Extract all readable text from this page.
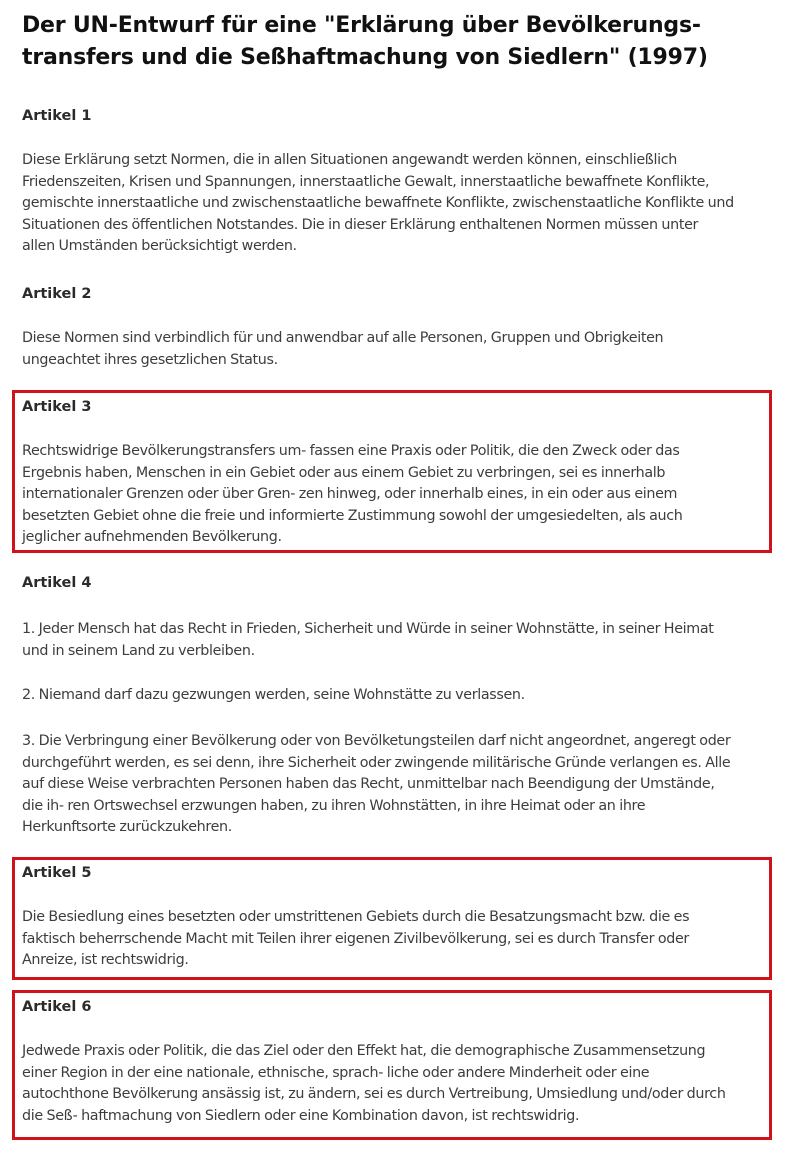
Der UN-Entwurf für eine "Erklärung über Bevölkerungs-
transfers und die Seßhaftmachung von Siedlern" (1997)
Artikel 1

Diese Erklärung setzt Normen, die in allen Situationen angewandt werden können, einschließlich
Friedenszeiten, Krisen und Spannungen, innerstaatliche Gewalt, innerstaatliche bewaffnete Konflikte,
gemischte innerstaatliche und zwischenstaatliche bewaffnete Konflikte, zwischenstaatliche Konflikte und
Situationen des öffentlichen Notstandes. Die in dieser Erklärung enthaltenen Normen müssen unter
allen Umständen berücksichtigt werden.

Artikel 2

Diese Normen sind verbindlich für und anwendbar auf alle Personen, Gruppen und Obrigkeiten
ungeachtet ihres gesetzlichen Status.

Artikel 3

Rechtswidrige Bevölkerungstransfers um- fassen eine Praxis oder Politik, die den Zweck oder das
Ergebnis haben, Menschen in ein Gebiet oder aus einem Gebiet zu verbringen, sei es innerhalb
internationaler Grenzen oder über Gren- zen hinweg, oder innerhalb eines, in ein oder aus einem
besetzten Gebiet ohne die freie und informierte Zustimmung sowohl der umgesiedelten, als auch
jeglicher aufnehmenden Bevölkerung.

Artikel 4

1. Jeder Mensch hat das Recht in Frieden, Sicherheit und Würde in seiner Wohnstätte, in seiner Heimat
und in seinem Land zu verbleiben.

2. Niemand darf dazu gezwungen werden, seine Wohnstätte zu verlassen.

3. Die Verbringung einer Bevölkerung oder von Bevölketungsteilen darf nicht angeordnet, angeregt oder
durchgeführt werden, es sei denn, ihre Sicherheit oder zwingende militärische Gründe verlangen es. Alle
auf diese Weise verbrachten Personen haben das Recht, unmittelbar nach Beendigung der Umstände,
die ih- ren Ortswechsel erzwungen haben, zu ihren Wohnstätten, in ihre Heimat oder an ihre
Herkunftsorte zurückzukehren.

Artikel 5

Die Besiedlung eines besetzten oder umstrittenen Gebiets durch die Besatzungsmacht bzw. die es
faktisch beherrschende Macht mit Teilen ihrer eigenen Zivilbevölkerung, sei es durch Transfer oder
Anreize, ist rechtswidrig.

Artikel 6

Jedwede Praxis oder Politik, die das Ziel oder den Effekt hat, die demographische Zusammensetzung
einer Region in der eine nationale, ethnische, sprach- liche oder andere Minderheit oder eine
autochthone Bevölkerung ansässig ist, zu ändern, sei es durch Vertreibung, Umsiedlung und/oder durch
die Seß- haftmachung von Siedlern oder eine Kombination davon, ist rechtswidrig.
